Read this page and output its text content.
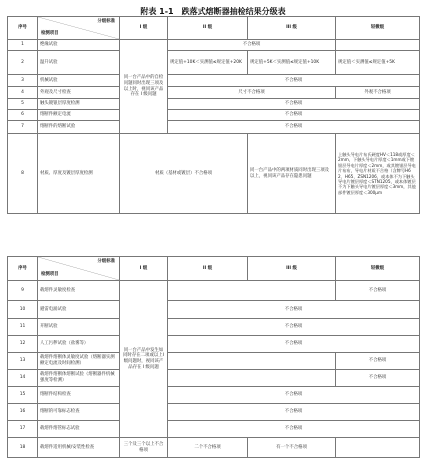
附表 1-1　跌落式熔断器抽检结果分级表
序号	分级标准
检测项目	I 级	II 级	III 级	轻微级
1	绝缘试验	同一台产品中的自检问题同时出现三项及以上时，视同该产品存在 I 级问题	不合格项		
2	温升试验		规定值+10K＜实测值≤规定值+20K	规定值+5K＜实测值≤规定值+10K	规定值＜实测值≤规定值+5K
3	机械试验		不合格项		
4	外观及尺寸检查		尺寸不合格项		外观不合格项
5	触头镀银层厚度检测		不合格项		
6	熔断件额定电流		不合格项		
7	熔断件的熔断试验		不合格项		
8	材质、厚度及镀层厚度检测	材质（基材或镀层）不合格项		同一台产品中的两项材质同时出现三项及以上，视同该产品存在隐患问题	上触头导电片布氏硬度HV＜118或厚度＜2mm，下触头导电片厚度＜1mm或下镀银层导电片厚度＜2mm，或其镀银层导电片布布，导电片材质不合格（含牌号H62、H65、ZSN1206，或本体不为下触头导电片镀层厚度＜STN1205，或本体镀层不为下触头导电片镀层厚度＜3mm，其他部件镀层厚度＜300μm
序号	分级标准
检测项目	I 级	II 级	III 级	轻微级
9	载熔件灵敏度检查	同一台产品中发生如同时存在二项或以上I级问题时，视同该产品存在 I 级问题			不合格项
10	避雷电涌试验		不合格项		
11	开断试验		不合格项		
12	人工污秽试验（盐雾等）		不合格项		
13	载熔件熔断体灵敏度试验（熔断器实测额定电流及时间检测）				不合格项
14	载熔件熔断体熔断试验（熔断器件机械强度等检测）				不合格项
15	熔断件结构检查		不合格项		
16	熔断的可靠标志检查		不合格项		
17	载熔件熔管标志试验		不合格项		
18	载熔件适用机械/安装性检查	三个及三个以上不合格项	二个不合格项	有一个不合格项	
